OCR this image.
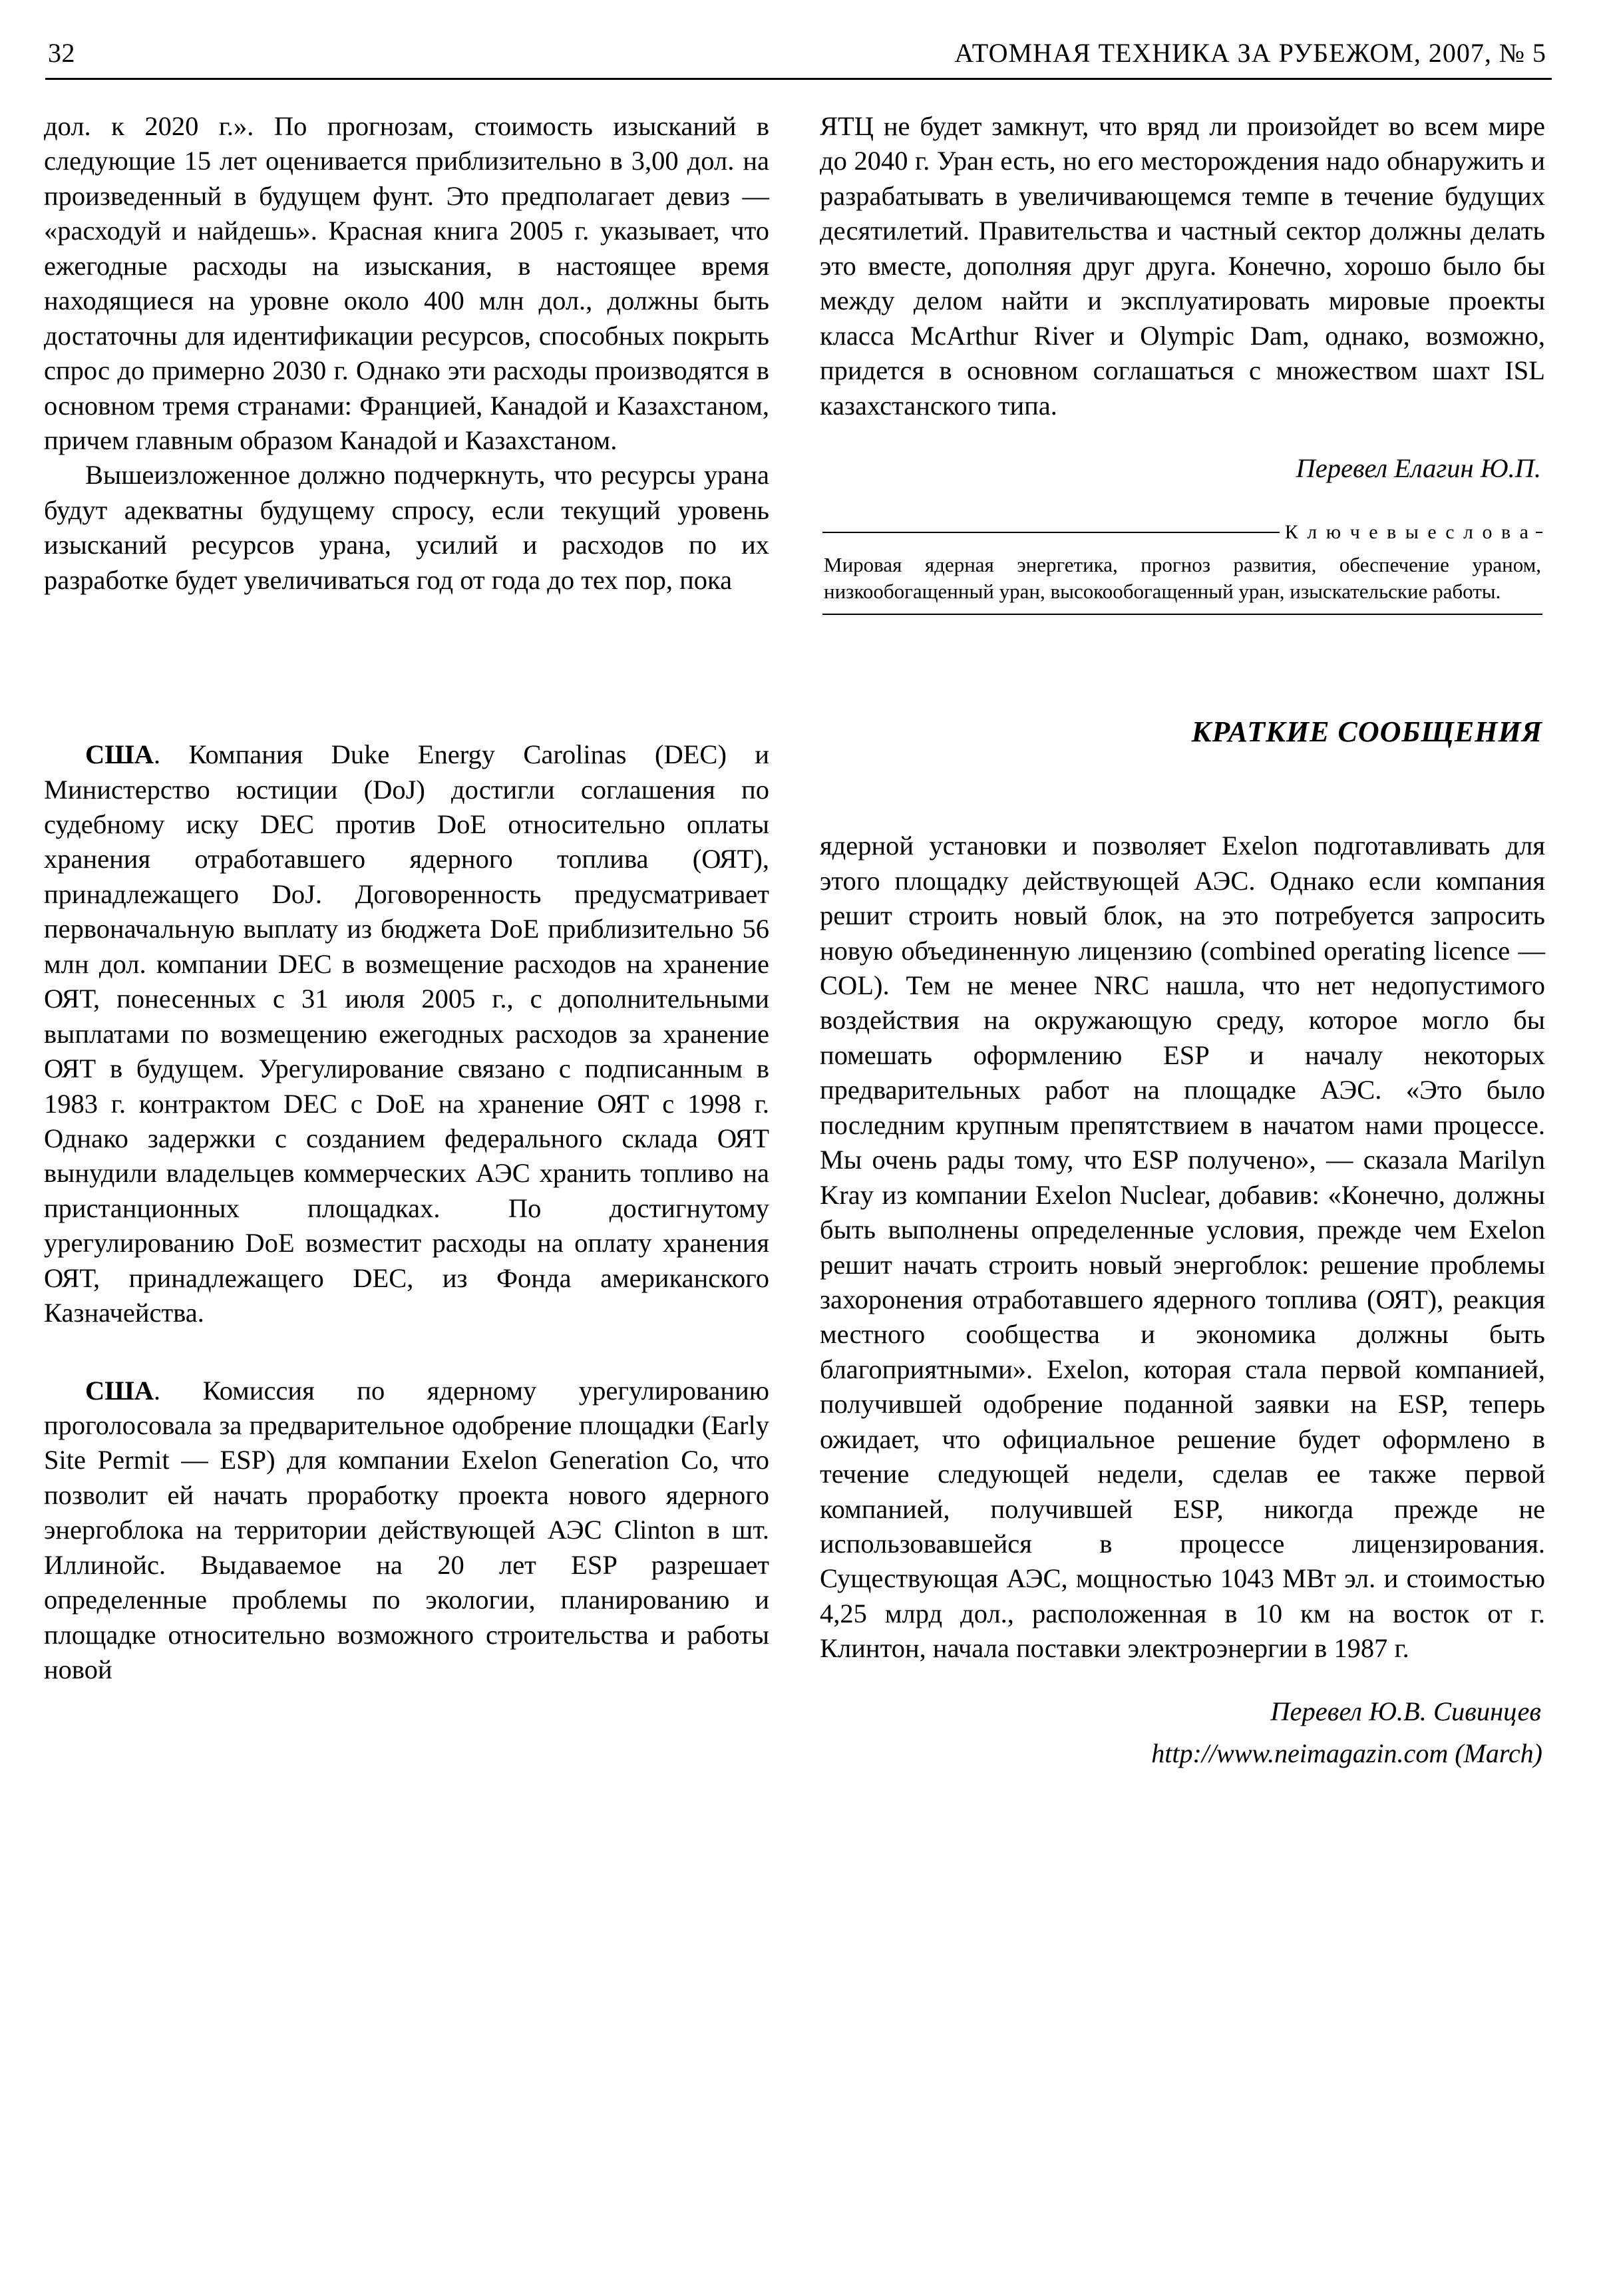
32	АТОМНАЯ ТЕХНИКА ЗА РУБЕЖОМ, 2007, № 5

дол. к 2020 г.». По прогнозам, стоимость изысканий в следующие 15 лет оценивается приблизительно в 3,00 дол. на произведенный в будущем фунт. Это предполагает девиз — «расходуй и найдешь». Красная книга 2005 г. указывает, что ежегодные расходы на изыскания, в настоящее время находящиеся на уровне около 400 млн дол., должны быть достаточны для идентификации ресурсов, способных покрыть спрос до примерно 2030 г. Однако эти расходы производятся в основном тремя странами: Францией, Канадой и Казахстаном, причем главным образом Канадой и Казахстаном.

Вышеизложенное должно подчеркнуть, что ресурсы урана будут адекватны будущему спросу, если текущий уровень изысканий ресурсов урана, усилий и расходов по их разработке будет увеличиваться год от года до тех пор, пока

США. Компания Duke Energy Carolinas (DEC) и Министерство юстиции (DoJ) достигли соглашения по судебному иску DEC против DoE относительно оплаты хранения отработавшего ядерного топлива (ОЯТ), принадлежащего DoJ. Договоренность предусматривает первоначальную выплату из бюджета DoE приблизительно 56 млн дол. компании DEC в возмещение расходов на хранение ОЯТ, понесенных с 31 июля 2005 г., с дополнительными выплатами по возмещению ежегодных расходов за хранение ОЯТ в будущем. Урегулирование связано с подписанным в 1983 г. контрактом DEC с DoE на хранение ОЯТ с 1998 г. Однако задержки с созданием федерального склада ОЯТ вынудили владельцев коммерческих АЭС хранить топливо на пристанционных площадках. По достигнутому урегулированию DoE возместит расходы на оплату хранения ОЯТ, принадлежащего DEC, из Фонда американского Казначейства.

США. Комиссия по ядерному урегулированию проголосовала за предварительное одобрение площадки (Early Site Permit — ESP) для компании Exelon Generation Co, что позволит ей начать проработку проекта нового ядерного энергоблока на территории действующей АЭС Clinton в шт. Иллинойс. Выдаваемое на 20 лет ESP разрешает определенные проблемы по экологии, планированию и площадке относительно возможного строительства и работы новой

ЯТЦ не будет замкнут, что вряд ли произойдет во всем мире до 2040 г. Уран есть, но его месторождения надо обнаружить и разрабатывать в увеличивающемся темпе в течение будущих десятилетий. Правительства и частный сектор должны делать это вместе, дополняя друг друга. Конечно, хорошо было бы между делом найти и эксплуатировать мировые проекты класса McArthur River и Olympic Dam, однако, возможно, придется в основном соглашаться с множеством шахт ISL казахстанского типа.

Перевел Елагин Ю.П.
К л ю ч е в ы е с л о в а
Мировая ядерная энергетика, прогноз развития, обеспечение ураном, низкообогащенный уран, высокообогащенный уран, изыскательские работы.
КРАТКИЕ СООБЩЕНИЯ

ядерной установки и позволяет Exelon подготавливать для этого площадку действующей АЭС. Однако если компания решит строить новый блок, на это потребуется запросить новую объединенную лицензию (combined operating licence — COL). Тем не менее NRC нашла, что нет недопустимого воздействия на окружающую среду, которое могло бы помешать оформлению ESP и началу некоторых предварительных работ на площадке АЭС. «Это было последним крупным препятствием в начатом нами процессе. Мы очень рады тому, что ESP получено», — сказала Marilyn Kray из компании Exelon Nuclear, добавив: «Конечно, должны быть выполнены определенные условия, прежде чем Exelon решит начать строить новый энергоблок: решение проблемы захоронения отработавшего ядерного топлива (ОЯТ), реакция местного сообщества и экономика должны быть благоприятными». Exelon, которая стала первой компанией, получившей одобрение поданной заявки на ESP, теперь ожидает, что официальное решение будет оформлено в течение следующей недели, сделав ее также первой компанией, получившей ESP, никогда прежде не использовавшейся в процессе лицензирования. Существующая АЭС, мощностью 1043 МВт эл. и стоимостью 4,25 млрд дол., расположенная в 10 км на восток от г. Клинтон, начала поставки электроэнергии в 1987 г.

Перевел Ю.В. Сивинцев
http://www.neimagazin.com (March)
